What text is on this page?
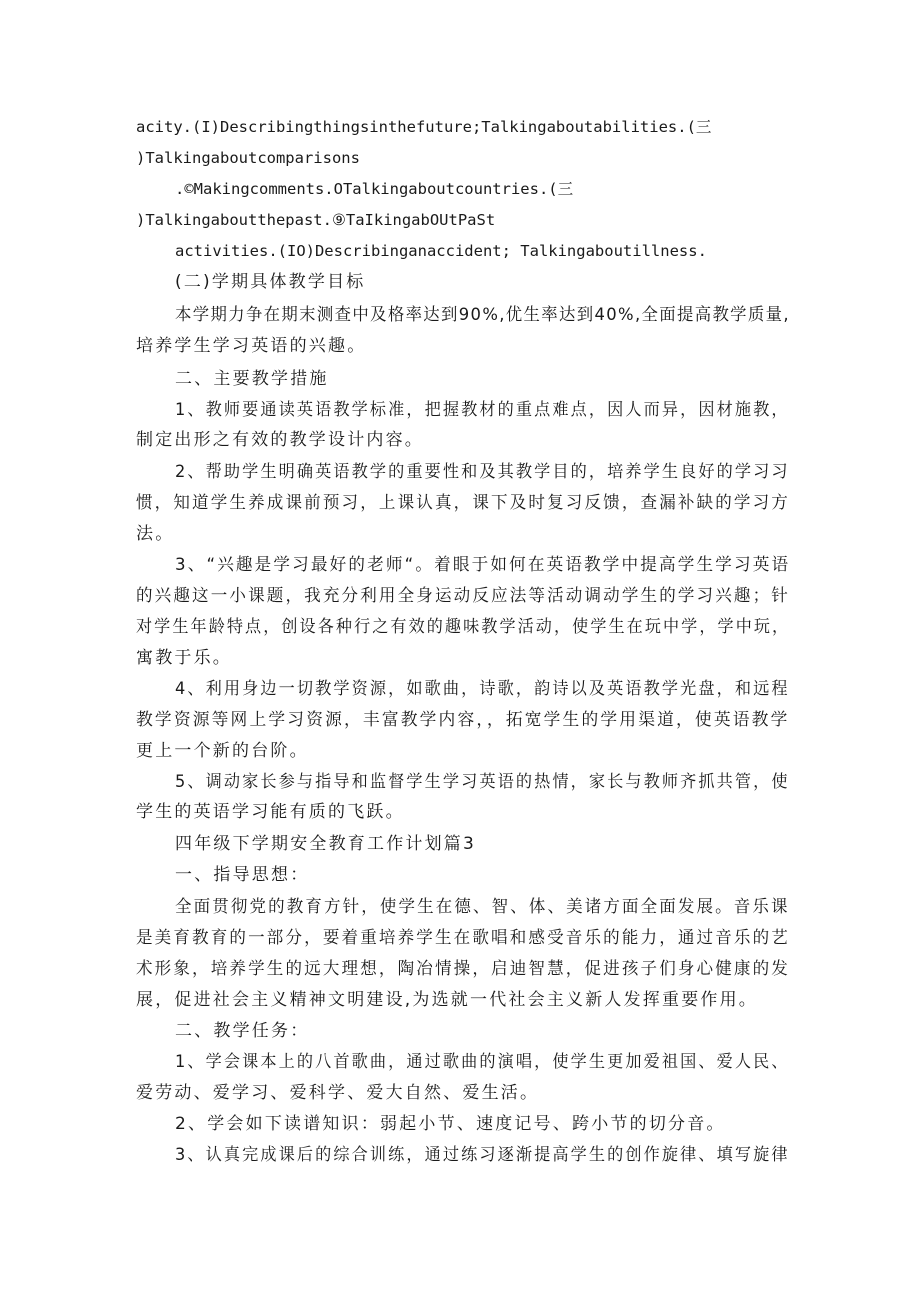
acity.(I)Describingthingsinthefuture;Talkingaboutabilities.(三
)Talkingaboutcomparisons
.©Makingcomments.OTalkingaboutcountries.(三
)Talkingaboutthepast.⑨TaIkingabOUtPaSt
activities.(IO)Describinganaccident; Talkingaboutillness.
(二)学期具体教学目标
本学期力争在期末测查中及格率达到90%,优生率达到40%,全面提高教学质量,
培养学生学习英语的兴趣。
二、主要教学措施
1、教师要通读英语教学标准，把握教材的重点难点，因人而异，因材施教，
制定出形之有效的教学设计内容。
2、帮助学生明确英语教学的重要性和及其教学目的，培养学生良好的学习习
惯，知道学生养成课前预习，上课认真，课下及时复习反馈，查漏补缺的学习方
法。
3、“兴趣是学习最好的老师“。着眼于如何在英语教学中提高学生学习英语
的兴趣这一小课题，我充分利用全身运动反应法等活动调动学生的学习兴趣；针
对学生年龄特点，创设各种行之有效的趣味教学活动，使学生在玩中学，学中玩，
寓教于乐。
4、利用身边一切教学资源，如歌曲，诗歌，韵诗以及英语教学光盘，和远程
教学资源等网上学习资源，丰富教学内容，，拓宽学生的学用渠道，使英语教学
更上一个新的台阶。
5、调动家长参与指导和监督学生学习英语的热情，家长与教师齐抓共管，使
学生的英语学习能有质的飞跃。
四年级下学期安全教育工作计划篇3
一、指导思想：
全面贯彻党的教育方针，使学生在德、智、体、美诸方面全面发展。音乐课
是美育教育的一部分，要着重培养学生在歌唱和感受音乐的能力，通过音乐的艺
术形象，培养学生的远大理想，陶冶情操，启迪智慧，促进孩子们身心健康的发
展，促进社会主义精神文明建设,为选就一代社会主义新人发挥重要作用。
二、教学任务：
1、学会课本上的八首歌曲，通过歌曲的演唱，使学生更加爱祖国、爱人民、
爱劳动、爱学习、爱科学、爱大自然、爱生活。
2、学会如下读谱知识：弱起小节、速度记号、跨小节的切分音。
3、认真完成课后的综合训练，通过练习逐渐提高学生的创作旋律、填写旋律
